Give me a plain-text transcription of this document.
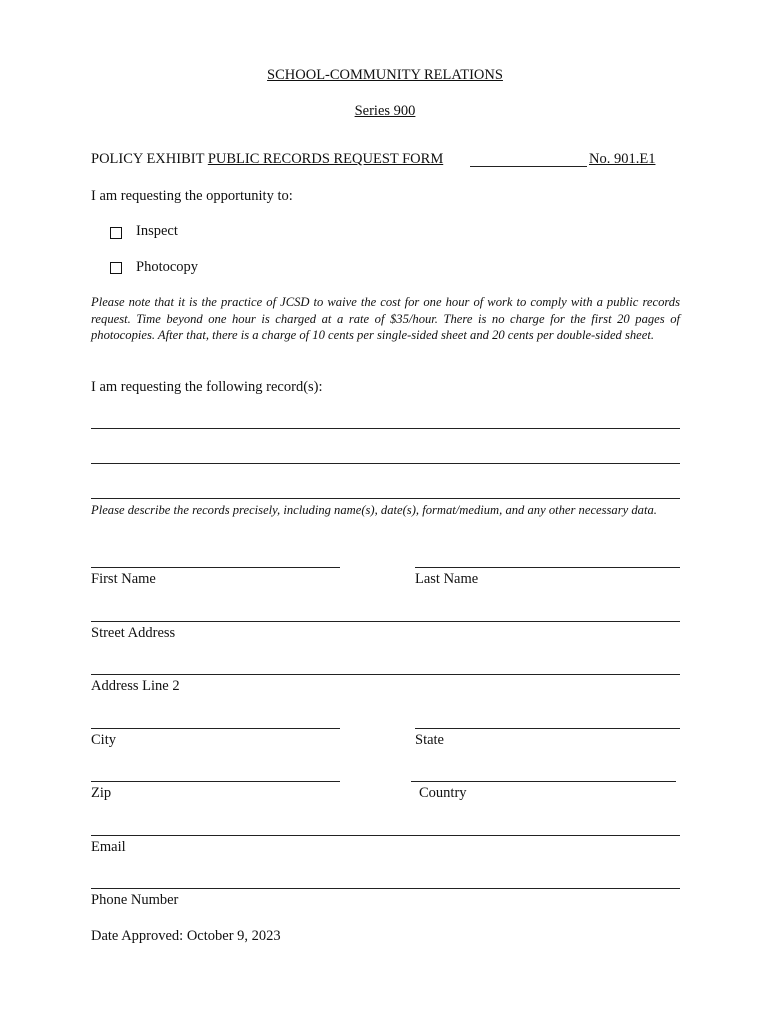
SCHOOL-COMMUNITY RELATIONS
Series 900
POLICY EXHIBIT PUBLIC RECORDS REQUEST FORM	No. 901.E1
I am requesting the opportunity to:
Inspect
Photocopy
Please note that it is the practice of JCSD to waive the cost for one hour of work to comply with a public records request. Time beyond one hour is charged at a rate of $35/hour. There is no charge for the first 20 pages of photocopies. After that, there is a charge of 10 cents per single-sided sheet and 20 cents per double-sided sheet.
I am requesting the following record(s):
Please describe the records precisely, including name(s), date(s), format/medium, and any other necessary data.
First Name	Last Name
Street Address
Address Line 2
City	State
Zip	Country
Email
Phone Number
Date Approved: October 9, 2023
